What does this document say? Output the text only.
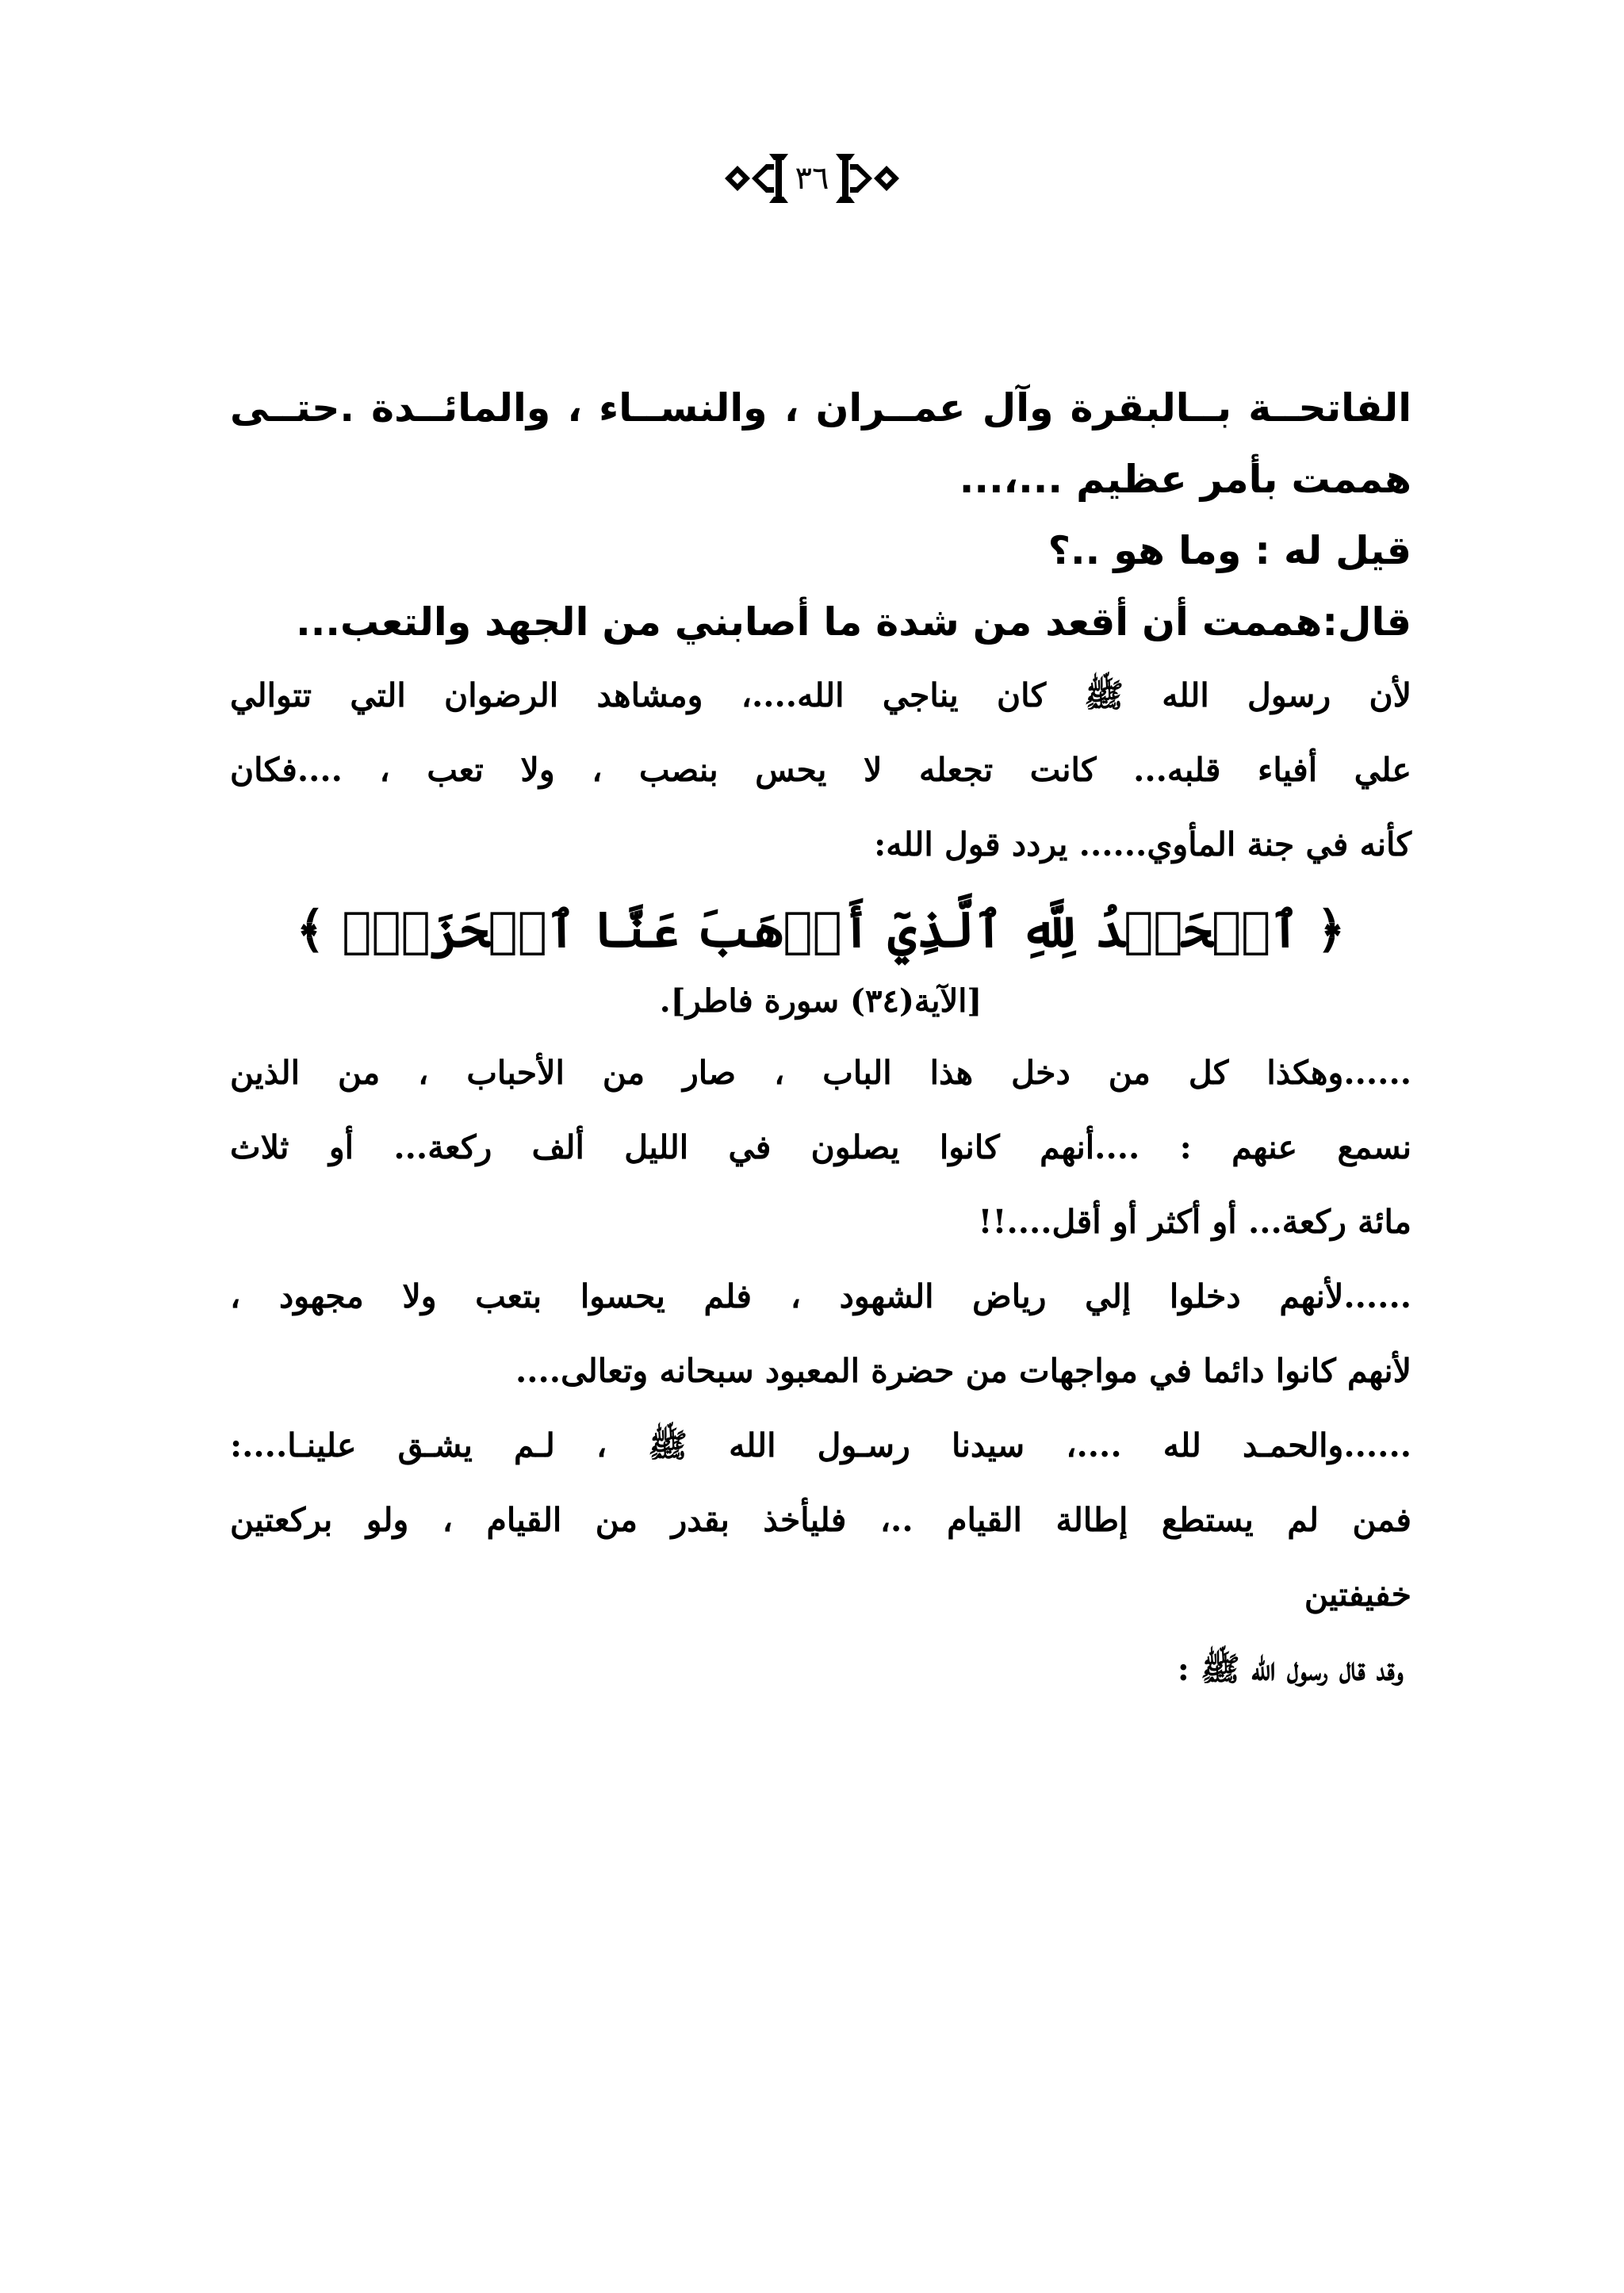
٣٦
الفاتحــة بــالبقرة وآل عمــران ، والنســاء ، والمائــدة .حتــى
هممت بأمر عظيم ...،...
قيل له : وما هو ..؟
قال:هممت أن أقعد من شدة ما أصابني من الجهد والتعب...
لأن رسول الله ﷺ كان يناجي الله....، ومشاهد الرضوان التي تتوالي
علي أفياء قلبه... كانت تجعله لا يحس بنصب ، ولا تعب ، ....فكان
كأنه في جنة المأوي...... يردد قول الله:
﴿ ٱلۡحَمۡدُ لِلَّهِ ٱلَّذِيٓ أَذۡهَبَ عَنَّا ٱلۡحَزَنَۖ ﴾
[الآية(٣٤) سورة فاطر].
......وهكذا كل من دخل هذا الباب ، صار من الأحباب ، من الذين
نسمع عنهم : ....أنهم كانوا يصلون في الليل ألف ركعة... أو ثلاث
مائة ركعة... أو أكثر أو أقل....!!
......لأنهم دخلوا إلي رياض الشهود ، فلم يحسوا بتعب ولا مجهود ،
لأنهم كانوا دائما في مواجهات من حضرة المعبود سبحانه وتعالى....
......والحمـد لله ....، سيدنا رسـول الله ﷺ ، لـم يشـق علينـا....:
فمن لم يستطع إطالة القيام ..، فليأخذ بقدر من القيام ، ولو بركعتين
خفيفتين
وقد قال رسول الله ﷺ :
